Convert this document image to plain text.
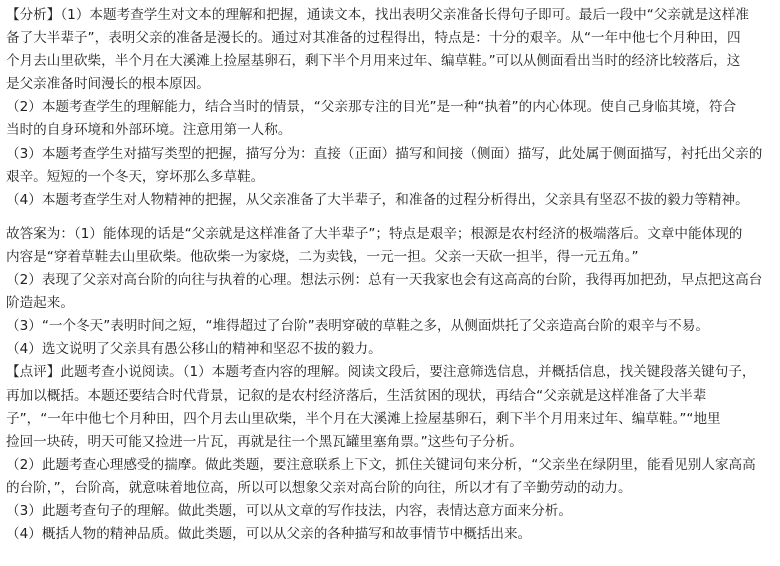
【分析】（1）本题考查学生对文本的理解和把握，通读文本，找出表明父亲准备长得句子即可。最后一段中“父亲就是这样准
备了大半辈子”，表明父亲的准备是漫长的。通过对其准备的过程得出，特点是：十分的艰辛。从“一年中他七个月种田，四
个月去山里砍柴，半个月在大溪滩上捡屋基卵石，剩下半个月用来过年、编草鞋。”可以从侧面看出当时的经济比较落后，这
是父亲准备时间漫长的根本原因。
（2）本题考查学生的理解能力，结合当时的情景，“父亲那专注的目光”是一种“执着”的内心体现。使自己身临其境，符合
当时的自身环境和外部环境。注意用第一人称。
（3）本题考查学生对描写类型的把握，描写分为：直接（正面）描写和间接（侧面）描写，此处属于侧面描写，衬托出父亲的
艰辛。短短的一个冬天，穿坏那么多草鞋。
（4）本题考查学生对人物精神的把握，从父亲准备了大半辈子，和准备的过程分析得出，父亲具有坚忍不拔的毅力等精神。
故答案为：（1）能体现的话是“父亲就是这样准备了大半辈子”；特点是艰辛；根源是农村经济的极端落后。文章中能体现的
内容是“穿着草鞋去山里砍柴。他砍柴一为家烧，二为卖钱，一元一担。父亲一天砍一担半，得一元五角。”
（2）表现了父亲对高台阶的向往与执着的心理。想法示例：总有一天我家也会有这高高的台阶，我得再加把劲，早点把这高台
阶造起来。
（3）“一个冬天”表明时间之短，“堆得超过了台阶”表明穿破的草鞋之多，从侧面烘托了父亲造高台阶的艰辛与不易。
（4）选文说明了父亲具有愚公移山的精神和坚忍不拔的毅力。
【点评】此题考查小说阅读。（1）本题考查内容的理解。阅读文段后，要注意筛选信息，并概括信息，找关键段落关键句子，
再加以概括。本题还要结合时代背景，记叙的是农村经济落后，生活贫困的现状，再结合“父亲就是这样准备了大半辈
子”，“一年中他七个月种田，四个月去山里砍柴，半个月在大溪滩上捡屋基卵石，剩下半个月用来过年、编草鞋。”“地里
捡回一块砖，明天可能又捡进一片瓦，再就是往一个黑瓦罐里塞角票。”这些句子分析。
（2）此题考查心理感受的揣摩。做此类题，要注意联系上下文，抓住关键词句来分析，“父亲坐在绿阴里，能看见别人家高高
的台阶，”，台阶高，就意味着地位高，所以可以想象父亲对高台阶的向往，所以才有了辛勤劳动的动力。
（3）此题考查句子的理解。做此类题，可以从文章的写作技法，内容，表情达意方面来分析。
（4）概括人物的精神品质。做此类题，可以从父亲的各种描写和故事情节中概括出来。
